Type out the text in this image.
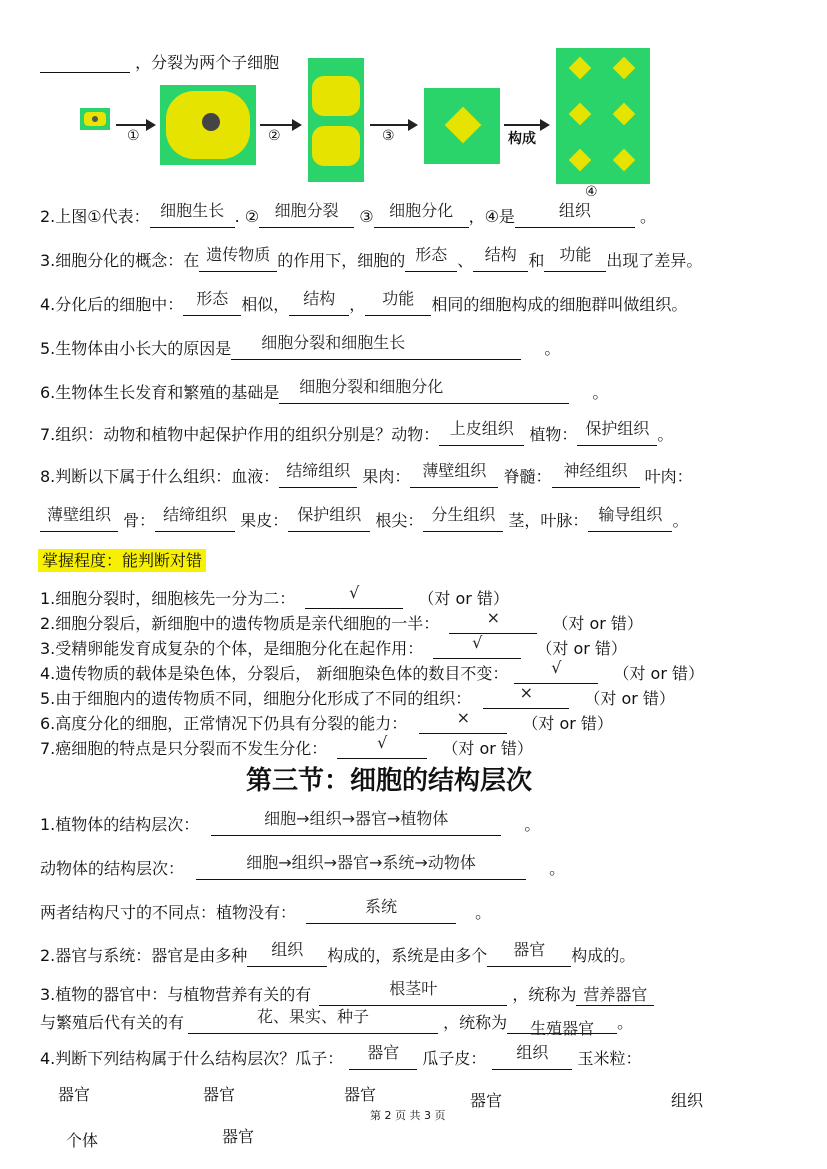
，分裂为两个子细胞
①	②	③	构成
④
2.上图①代表： 细胞生长 . ② 细胞分裂 ③ 细胞分化 ，④是	组织	。
3.细胞分化的概念：在 遗传物质 的作用下，细胞的 形态 、 结构 和 功能 出现了差异。
4.分化后的细胞中： 形态 相似， 结构 ， 功能 相同的细胞构成的细胞群叫做组织。
5.生物体由小长大的原因是 细胞分裂和细胞生长	。
6.生物体生长发育和繁殖的基础是 细胞分裂和细胞分化	。
7.组织：动物和植物中起保护作用的组织分别是？动物： 上皮组织 植物： 保护组织 。
8.判断以下属于什么组织：血液： 结缔组织 果肉： 薄壁组织 脊髓： 神经组织 叶肉：
薄壁组织 骨： 结缔组织 果皮： 保护组织 根尖： 分生组织 茎，叶脉： 输导组织 。
掌握程度：能判断对错
1.细胞分裂时，细胞核先一分为二：	√	（对 or 错）
2.细胞分裂后，新细胞中的遗传物质是亲代细胞的一半：	×	（对 or 错）
3.受精卵能发育成复杂的个体，是细胞分化在起作用：	√	（对 or 错）
4.遗传物质的载体是染色体，分裂后， 新细胞染色体的数目不变：	√	（对 or 错）
5.由于细胞内的遗传物质不同，细胞分化形成了不同的组织：	×	（对 or 错）
6.高度分化的细胞，正常情况下仍具有分裂的能力：	×	（对 or 错）
7.癌细胞的特点是只分裂而不发生分化：	√	（对 or 错）
第三节：细胞的结构层次
1.植物体的结构层次：	细胞→组织→器官→植物体	。
动物体的结构层次：	细胞→组织→器官→系统→动物体	。
两者结构尺寸的不同点：植物没有：	系统	。
2.器官与系统：器官是由多种 组织 构成的，系统是由多个 器官 构成的。
3.植物的器官中：与植物营养有关的有	根茎叶	，统称为 营养器官
与繁殖后代有关的有	花、果实、种子	，统称为 生殖器官 。
4.判断下列结构属于什么结构层次？瓜子： 器官 瓜子皮： 组织 玉米粒：
器官	器官	器官	器官	组织
个体	器官
第 2 页 共 3 页
